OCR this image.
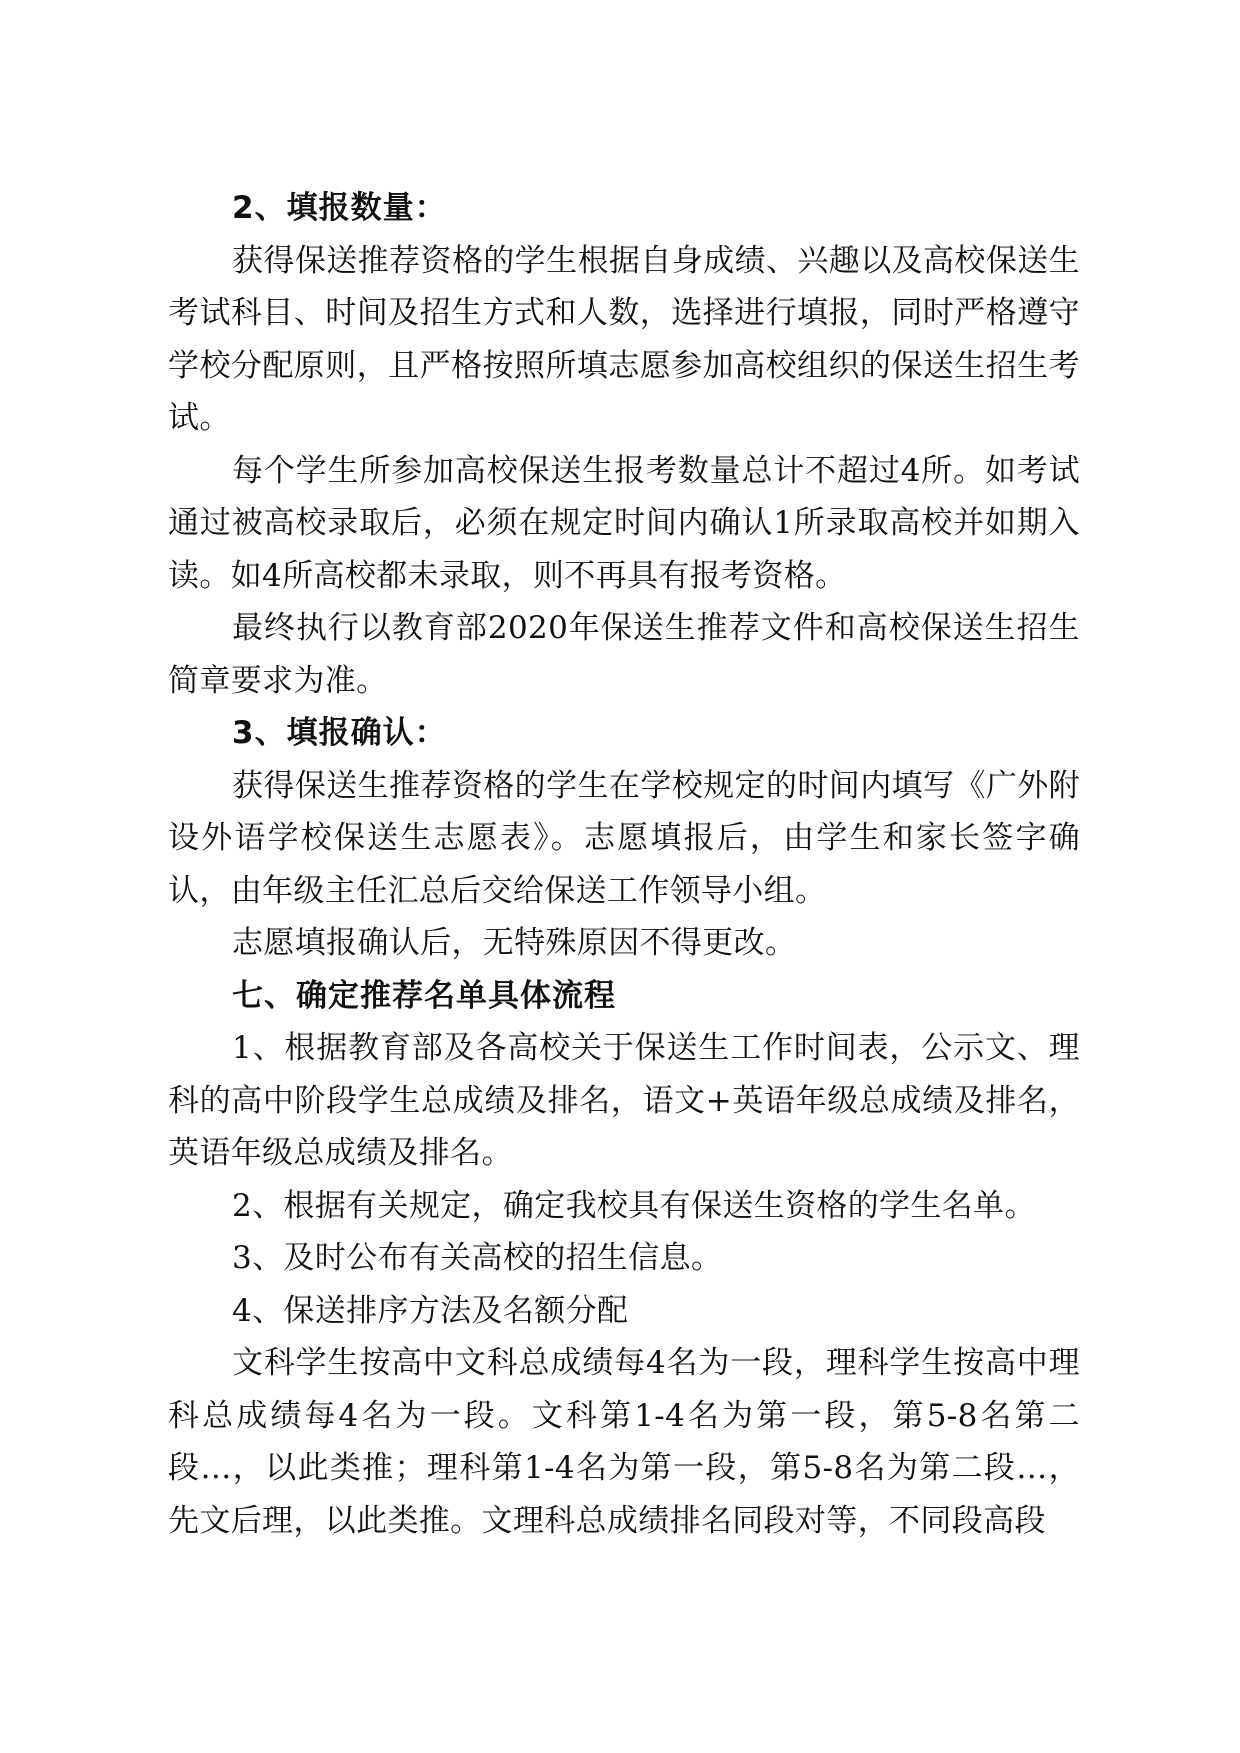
2、填报数量：

获得保送推荐资格的学生根据自身成绩、兴趣以及高校保送生考试科目、时间及招生方式和人数，选择进行填报，同时严格遵守学校分配原则，且严格按照所填志愿参加高校组织的保送生招生考试。

每个学生所参加高校保送生报考数量总计不超过4所。如考试通过被高校录取后，必须在规定时间内确认1所录取高校并如期入读。如4所高校都未录取，则不再具有报考资格。

最终执行以教育部2020年保送生推荐文件和高校保送生招生简章要求为准。

3、填报确认：

获得保送生推荐资格的学生在学校规定的时间内填写《广外附设外语学校保送生志愿表》。志愿填报后，由学生和家长签字确认，由年级主任汇总后交给保送工作领导小组。

志愿填报确认后，无特殊原因不得更改。

七、确定推荐名单具体流程

1、根据教育部及各高校关于保送生工作时间表，公示文、理科的高中阶段学生总成绩及排名，语文+英语年级总成绩及排名，英语年级总成绩及排名。

2、根据有关规定，确定我校具有保送生资格的学生名单。

3、及时公布有关高校的招生信息。

4、保送排序方法及名额分配

文科学生按高中文科总成绩每4名为一段，理科学生按高中理科总成绩每4名为一段。文科第1-4名为第一段，第5-8名第二段…，以此类推；理科第1-4名为第一段，第5-8名为第二段…，先文后理，以此类推。文理科总成绩排名同段对等，不同段高段
